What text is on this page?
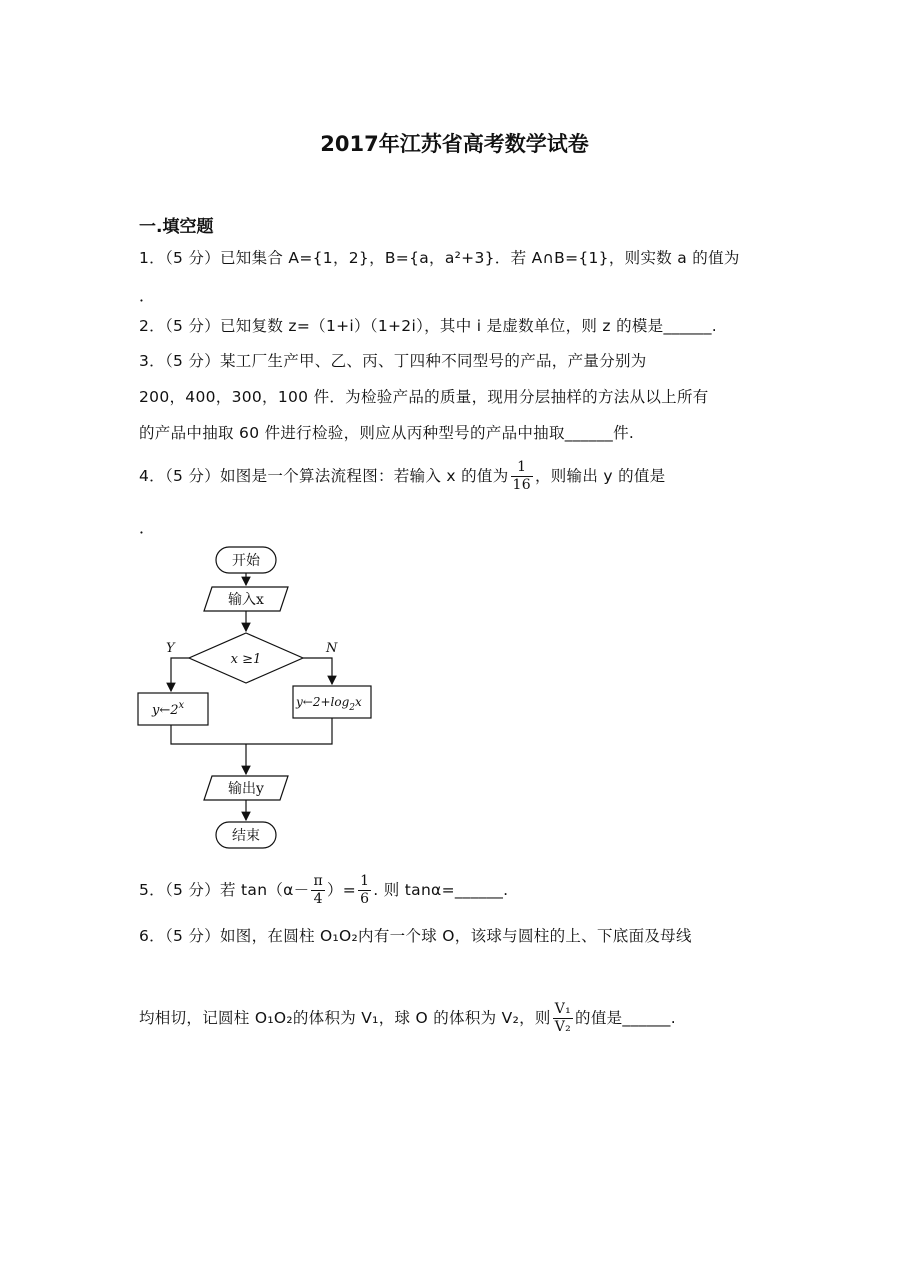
2017年江苏省高考数学试卷
一.填空题
1．（5 分）已知集合 A={1，2}，B={a，a²+3}．若 A∩B={1}，则实数 a 的值为
．
2．（5 分）已知复数 z=（1+i）（1+2i），其中 i 是虚数单位，则 z 的模是______.
3．（5 分）某工厂生产甲、乙、丙、丁四种不同型号的产品，产量分别为
200，400，300，100 件．为检验产品的质量，现用分层抽样的方法从以上所有
的产品中抽取 60 件进行检验，则应从丙种型号的产品中抽取______件.
4．（5 分）如图是一个算法流程图：若输入 x 的值为 $\frac{1}{16}$ ，则输出 y 的值是
．
开始
输入x
x ≥1
Y	N
y←2$^x$	$y\leftarrow 2+\log_2x$
输出y
结束
5．（5 分）若 $\tan(\alpha- \frac{\pi}{4}$ ）= $\frac{1}{6}$ . 则 tanα=______.
6．（5 分）如图，在圆柱 O₁O₂内有一个球 O，该球与圆柱的上、下底面及母线
均相切，记圆柱 O₁O₂的体积为 V₁，球 O 的体积为 V₂，则 $\frac{\text{V₁}}{\text{V₂}}$ 的值是______.
